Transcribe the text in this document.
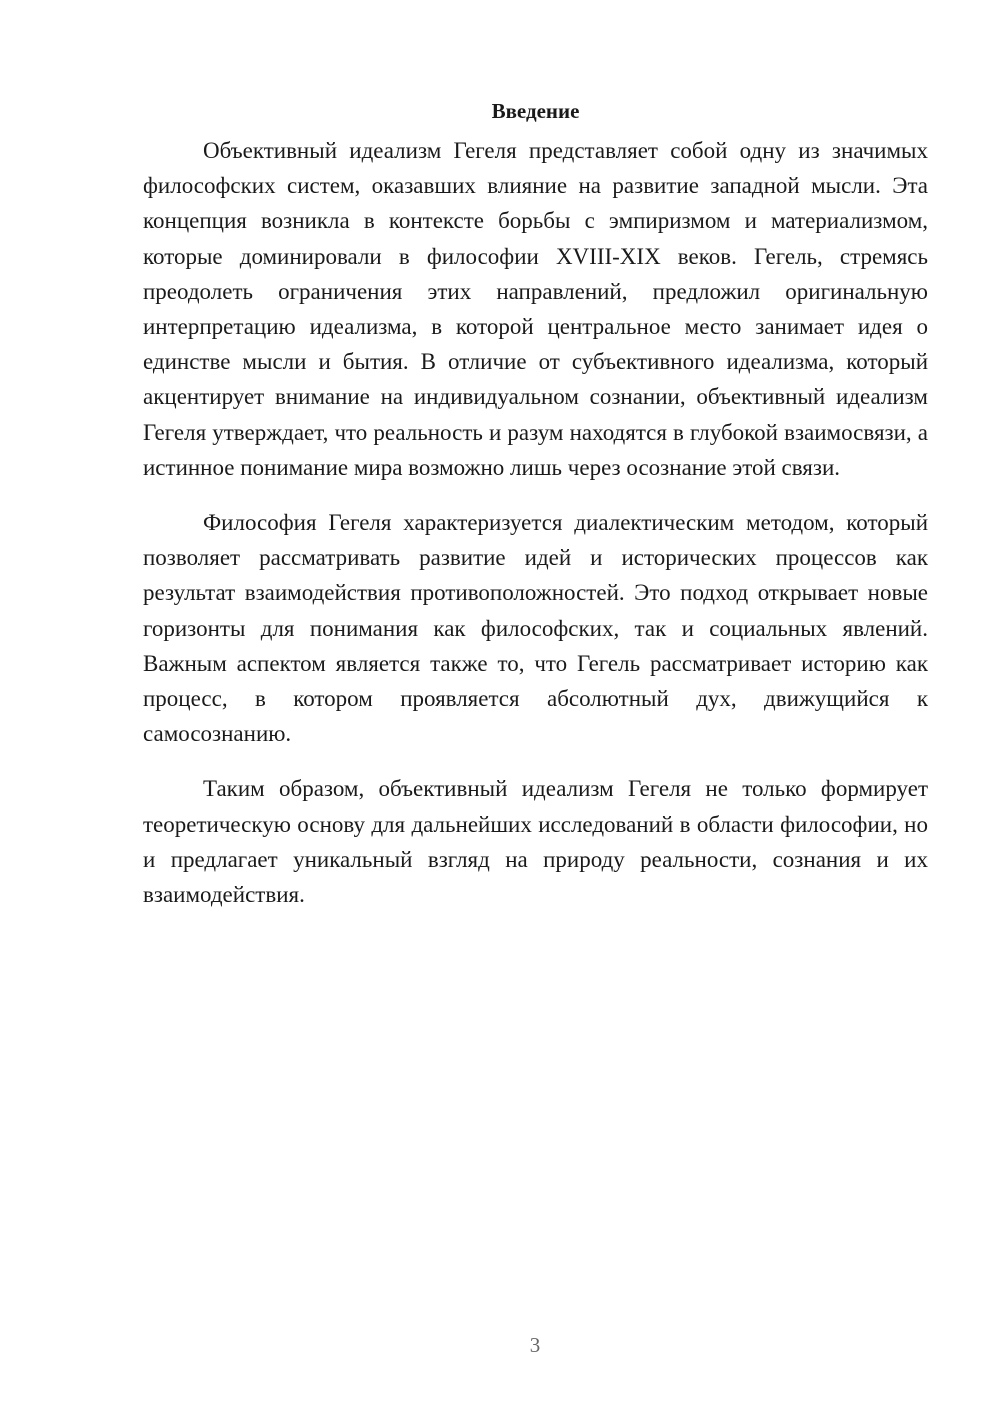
Введение

Объективный идеализм Гегеля представляет собой одну из значимых философских систем, оказавших влияние на развитие западной мысли. Эта концепция возникла в контексте борьбы с эмпиризмом и материализмом, которые доминировали в философии XVIII-XIX веков. Гегель, стремясь преодолеть ограничения этих направлений, предложил оригинальную интерпретацию идеализма, в которой центральное место занимает идея о единстве мысли и бытия. В отличие от субъективного идеализма, который акцентирует внимание на индивидуальном сознании, объективный идеализм Гегеля утверждает, что реальность и разум находятся в глубокой взаимосвязи, а истинное понимание мира возможно лишь через осознание этой связи.

Философия Гегеля характеризуется диалектическим методом, который позволяет рассматривать развитие идей и исторических процессов как результат взаимодействия противоположностей. Это подход открывает новые горизонты для понимания как философских, так и социальных явлений. Важным аспектом является также то, что Гегель рассматривает историю как процесс, в котором проявляется абсолютный дух, движущийся к самосознанию.

Таким образом, объективный идеализм Гегеля не только формирует теоретическую основу для дальнейших исследований в области философии, но и предлагает уникальный взгляд на природу реальности, сознания и их взаимодействия.

3
